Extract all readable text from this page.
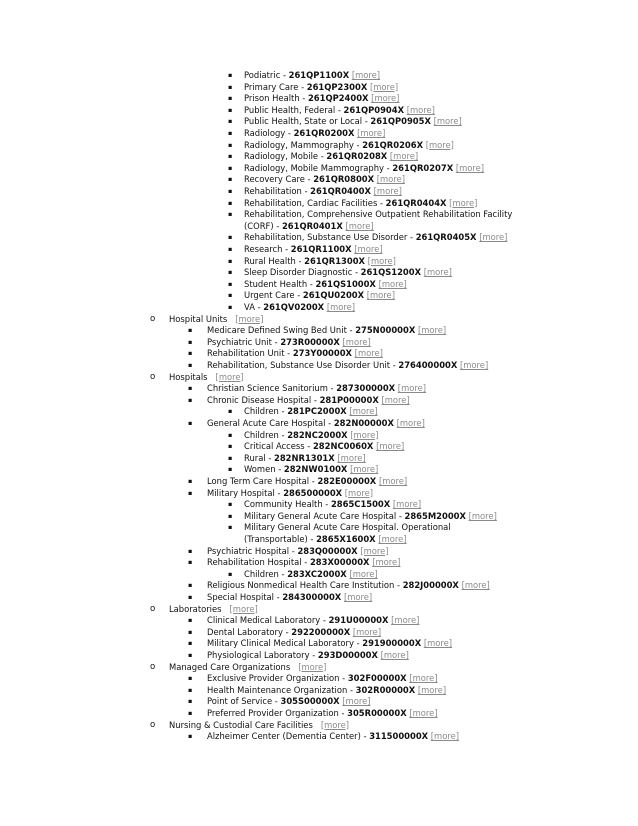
▪ Podiatric - 261QP1100X [more]
▪ Primary Care - 261QP2300X [more]
▪ Prison Health - 261QP2400X [more]
▪ Public Health, Federal - 261QP0904X [more]
▪ Public Health, State or Local - 261QP0905X [more]
▪ Radiology - 261QR0200X [more]
▪ Radiology, Mammography - 261QR0206X [more]
▪ Radiology, Mobile - 261QR0208X [more]
▪ Radiology, Mobile Mammography - 261QR0207X [more]
▪ Recovery Care - 261QR0800X [more]
▪ Rehabilitation - 261QR0400X [more]
▪ Rehabilitation, Cardiac Facilities - 261QR0404X [more]
▪ Rehabilitation, Comprehensive Outpatient Rehabilitation Facility
(CORF) - 261QR0401X [more]
▪ Rehabilitation, Substance Use Disorder - 261QR0405X [more]
▪ Research - 261QR1100X [more]
▪ Rural Health - 261QR1300X [more]
▪ Sleep Disorder Diagnostic - 261QS1200X [more]
▪ Student Health - 261QS1000X [more]
▪ Urgent Care - 261QU0200X [more]
▪ VA - 261QV0200X [more]
o Hospital Units [more]
▪ Medicare Defined Swing Bed Unit - 275N00000X [more]
▪ Psychiatric Unit - 273R00000X [more]
▪ Rehabilitation Unit - 273Y00000X [more]
▪ Rehabilitation, Substance Use Disorder Unit - 276400000X [more]
o Hospitals [more]
▪ Christian Science Sanitorium - 287300000X [more]
▪ Chronic Disease Hospital - 281P00000X [more]
▪ Children - 281PC2000X [more]
▪ General Acute Care Hospital - 282N00000X [more]
▪ Children - 282NC2000X [more]
▪ Critical Access - 282NC0060X [more]
▪ Rural - 282NR1301X [more]
▪ Women - 282NW0100X [more]
▪ Long Term Care Hospital - 282E00000X [more]
▪ Military Hospital - 286500000X [more]
▪ Community Health - 2865C1500X [more]
▪ Military General Acute Care Hospital - 2865M2000X [more]
▪ Military General Acute Care Hospital. Operational
(Transportable) - 2865X1600X [more]
▪ Psychiatric Hospital - 283Q00000X [more]
▪ Rehabilitation Hospital - 283X00000X [more]
▪ Children - 283XC2000X [more]
▪ Religious Nonmedical Health Care Institution - 282J00000X [more]
▪ Special Hospital - 284300000X [more]
o Laboratories [more]
▪ Clinical Medical Laboratory - 291U00000X [more]
▪ Dental Laboratory - 292200000X [more]
▪ Military Clinical Medical Laboratory - 291900000X [more]
▪ Physiological Laboratory - 293D00000X [more]
o Managed Care Organizations [more]
▪ Exclusive Provider Organization - 302F00000X [more]
▪ Health Maintenance Organization - 302R00000X [more]
▪ Point of Service - 305S00000X [more]
▪ Preferred Provider Organization - 305R00000X [more]
o Nursing & Custodial Care Facilities [more]
▪ Alzheimer Center (Dementia Center) - 311500000X [more]
